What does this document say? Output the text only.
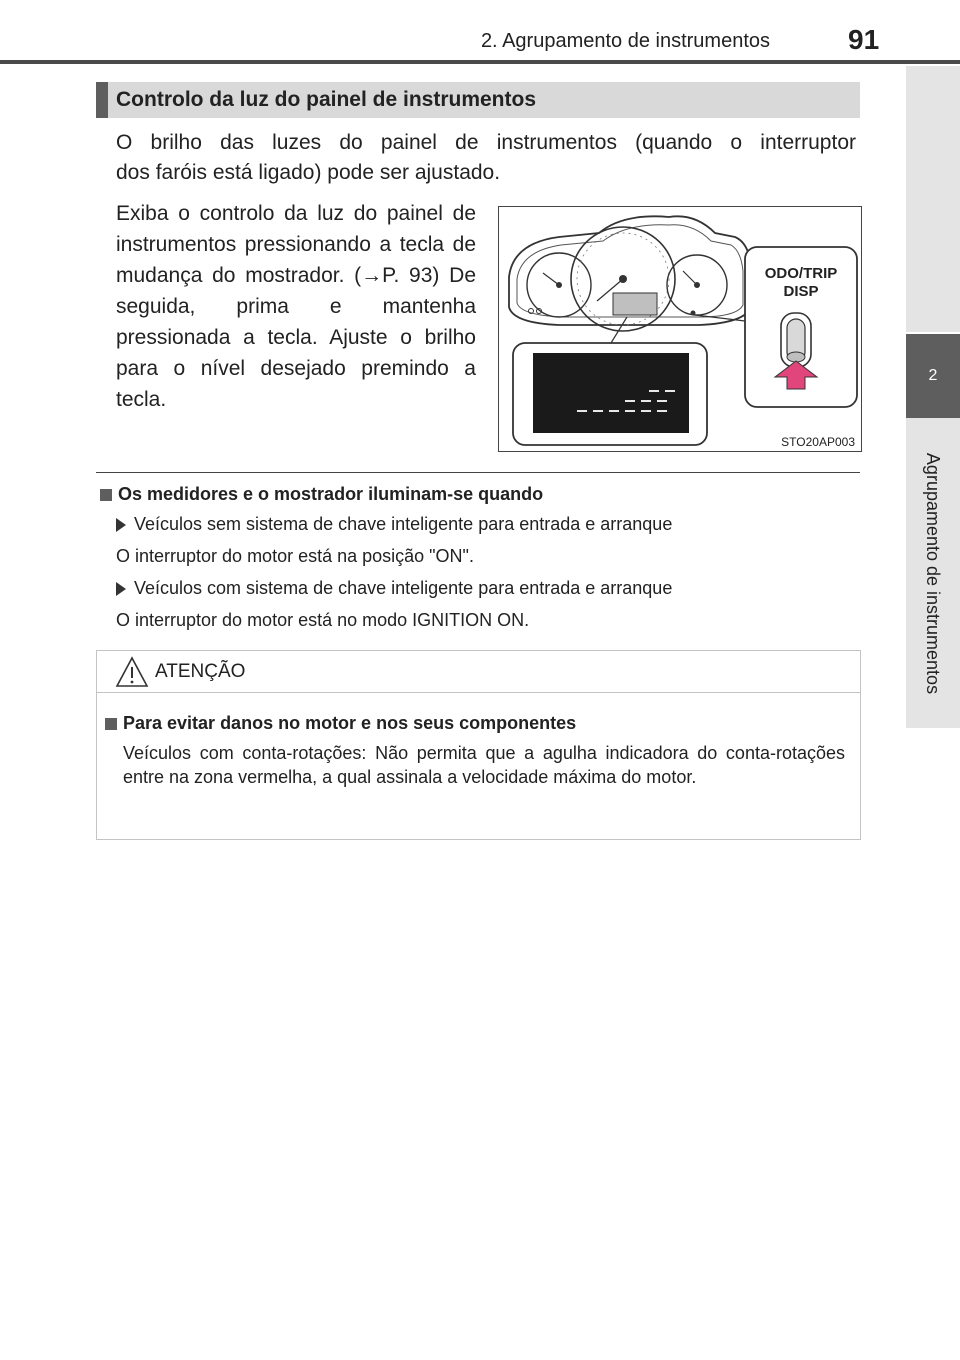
2. Agrupamento de instrumentos	91
2
Agrupamento de instrumentos
Controlo da luz do painel de instrumentos
O brilho das luzes do painel de instrumentos (quando o interruptor
dos faróis está ligado) pode ser ajustado.
Exiba o controlo da luz do painel de instrumentos pressionando a tecla de mudança do mostrador. (→P. 93) De seguida, prima e mantenha pressionada a tecla. Ajuste o brilho para o nível desejado premindo a tecla.
ODO/TRIP
DISP
STO20AP003
Os medidores e o mostrador iluminam-se quando
Veículos sem sistema de chave inteligente para entrada e arranque
O interruptor do motor está na posição "ON".
Veículos com sistema de chave inteligente para entrada e arranque
O interruptor do motor está no modo IGNITION ON.
ATENÇÃO
Para evitar danos no motor e nos seus componentes
Veículos com conta-rotações: Não permita que a agulha indicadora do conta-rotações entre na zona vermelha, a qual assinala a velocidade máxima do motor.
